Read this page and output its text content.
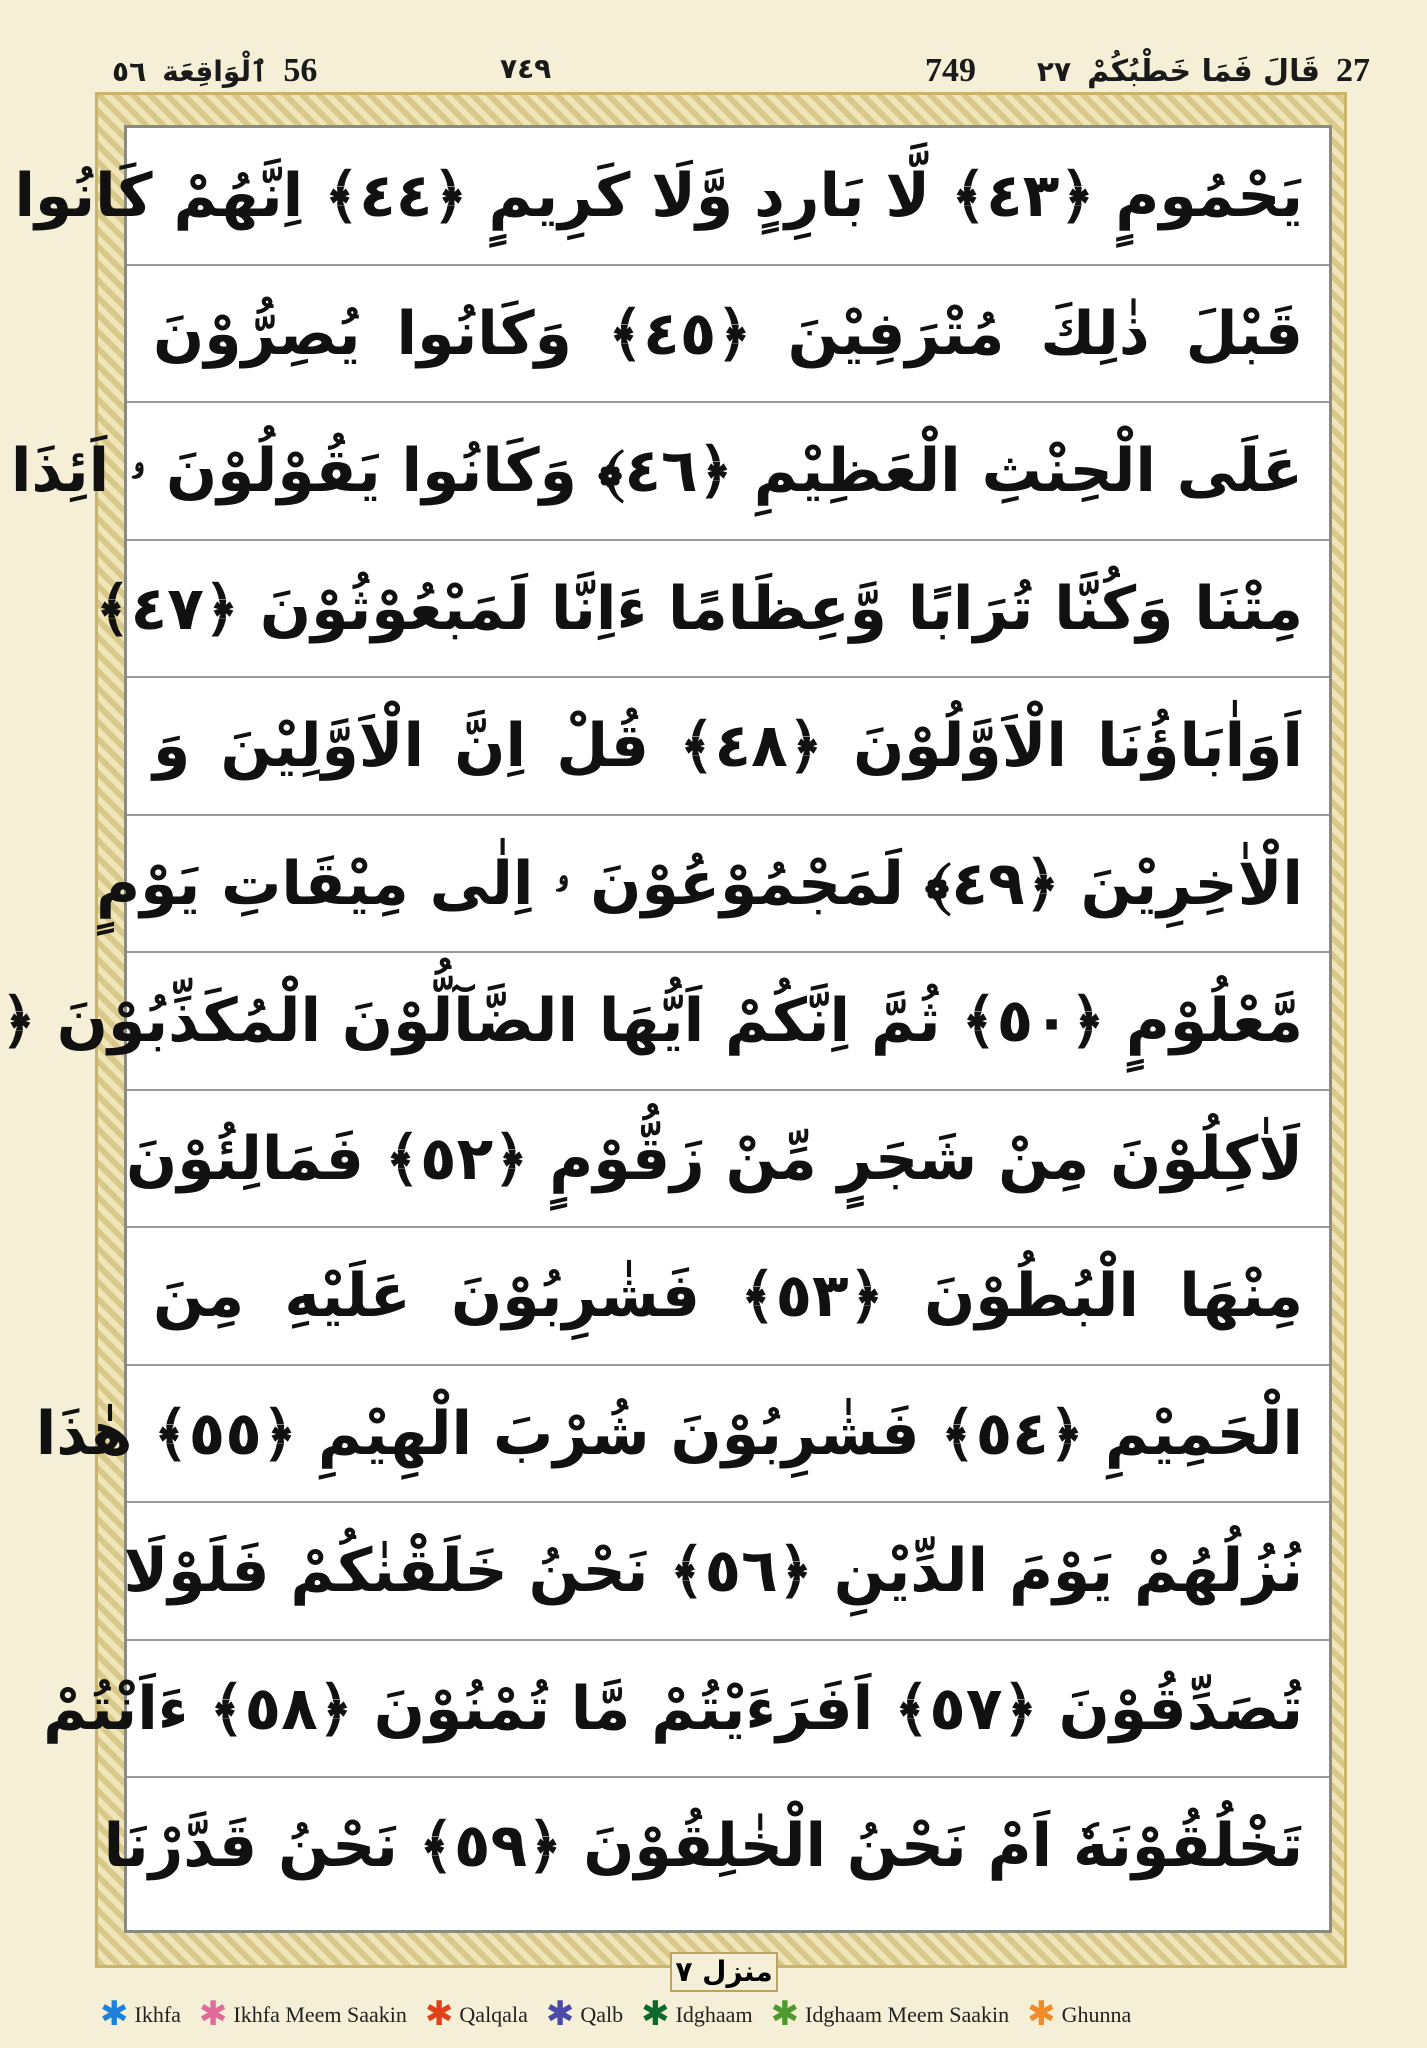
27
قَالَ فَمَا خَطْبُكُمْ
٢٧
749
٧٤٩
٥٦ ٱلْوَاقِعَة 56
يَحْمُومٍ ﴿٤٣﴾ لَّا بَارِدٍ وَّلَا كَرِيمٍ ﴿٤٤﴾ اِنَّهُمْ كَانُوا
قَبْلَ ذٰلِكَ مُتْرَفِيْنَ ﴿٤٥﴾ وَكَانُوا يُصِرُّوْنَ
عَلَى الْحِنْثِ الْعَظِيْمِ ﴿٤٦﴾ وَكَانُوا يَقُوْلُوْنَ ۥ اَئِذَا
مِتْنَا وَكُنَّا تُرَابًا وَّعِظَامًا ءَاِنَّا لَمَبْعُوْثُوْنَ ﴿٤٧﴾
اَوَاٰبَاؤُنَا الْاَوَّلُوْنَ ﴿٤٨﴾ قُلْ اِنَّ الْاَوَّلِيْنَ وَ
الْاٰخِرِيْنَ ﴿٤٩﴾ لَمَجْمُوْعُوْنَ ۥ اِلٰى مِيْقَاتِ يَوْمٍ
مَّعْلُوْمٍ ﴿٥٠﴾ ثُمَّ اِنَّكُمْ اَيُّهَا الضَّآلُّوْنَ الْمُكَذِّبُوْنَ ﴿
لَاٰكِلُوْنَ مِنْ شَجَرٍ مِّنْ زَقُّوْمٍ ﴿٥٢﴾ فَمَالِئُوْنَ
مِنْهَا الْبُطُوْنَ ﴿٥٣﴾ فَشٰرِبُوْنَ عَلَيْهِ مِنَ
الْحَمِيْمِ ﴿٥٤﴾ فَشٰرِبُوْنَ شُرْبَ الْهِيْمِ ﴿٥٥﴾ هٰذَا
نُزُلُهُمْ يَوْمَ الدِّيْنِ ﴿٥٦﴾ نَحْنُ خَلَقْنٰكُمْ فَلَوْلَا
تُصَدِّقُوْنَ ﴿٥٧﴾ اَفَرَءَيْتُمْ مَّا تُمْنُوْنَ ﴿٥٨﴾ ءَاَنْتُمْ
تَخْلُقُوْنَهٗ اَمْ نَحْنُ الْخٰلِقُوْنَ ﴿٥٩﴾ نَحْنُ قَدَّرْنَا
منزل ٧
✱ Ikhfa ✱ Ikhfa Meem Saakin ✱ Qalqala ✱ Qalb ✱ Idghaam ✱ Idghaam Meem Saakin ✱ Ghunna
